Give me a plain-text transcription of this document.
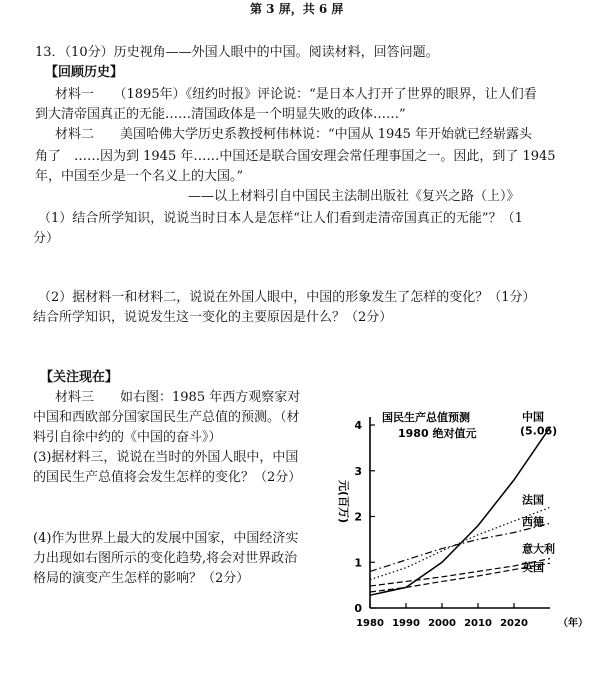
第 3 屏，共 6 屏
13．（10分）历史视角——外国人眼中的中国。阅读材料，回答问题。
【回顾历史】
材料一　　（1895年）《纽约时报》评论说：“是日本人打开了世界的眼界，让人们看
到大清帝国真正的无能……清国政体是一个明显失败的政体……”
材料二　　美国哈佛大学历史系教授柯伟林说：“中国从 1945 年开始就已经崭露头
角了　……因为到 1945 年……中国还是联合国安理会常任理事国之一。因此，到了 1945
年，中国至少是一个名义上的大国。”
——以上材料引自中国民主法制出版社《复兴之路（上）》
（1）结合所学知识，说说当时日本人是怎样“让人们看到走清帝国真正的无能”？（1
分）
（2）据材料一和材料二，说说在外国人眼中，中国的形象发生了怎样的变化？（1分）
结合所学知识，说说发生这一变化的主要原因是什么？（2分）
【关注现在】
材料三　　如右图：1985 年西方观察家对
中国和西欧部分国家国民生产总值的预测。（材
料引自徐中约的《中国的奋斗》）
(3)据材料三，说说在当时的外国人眼中，中国
的国民生产总值将会发生怎样的变化？（2分）
(4)作为世界上最大的发展中国家，中国经济实
力出现如右图所示的变化趋势,将会对世界政治
格局的演变产生怎样的影响？（2分）
0
1
2
3
4
1980 1990 2000 2010 2020	（年）
国民生产总值预测
1980 绝对值元
元(百万)
中国
(5.06)
法国
西德
意大利
英国
